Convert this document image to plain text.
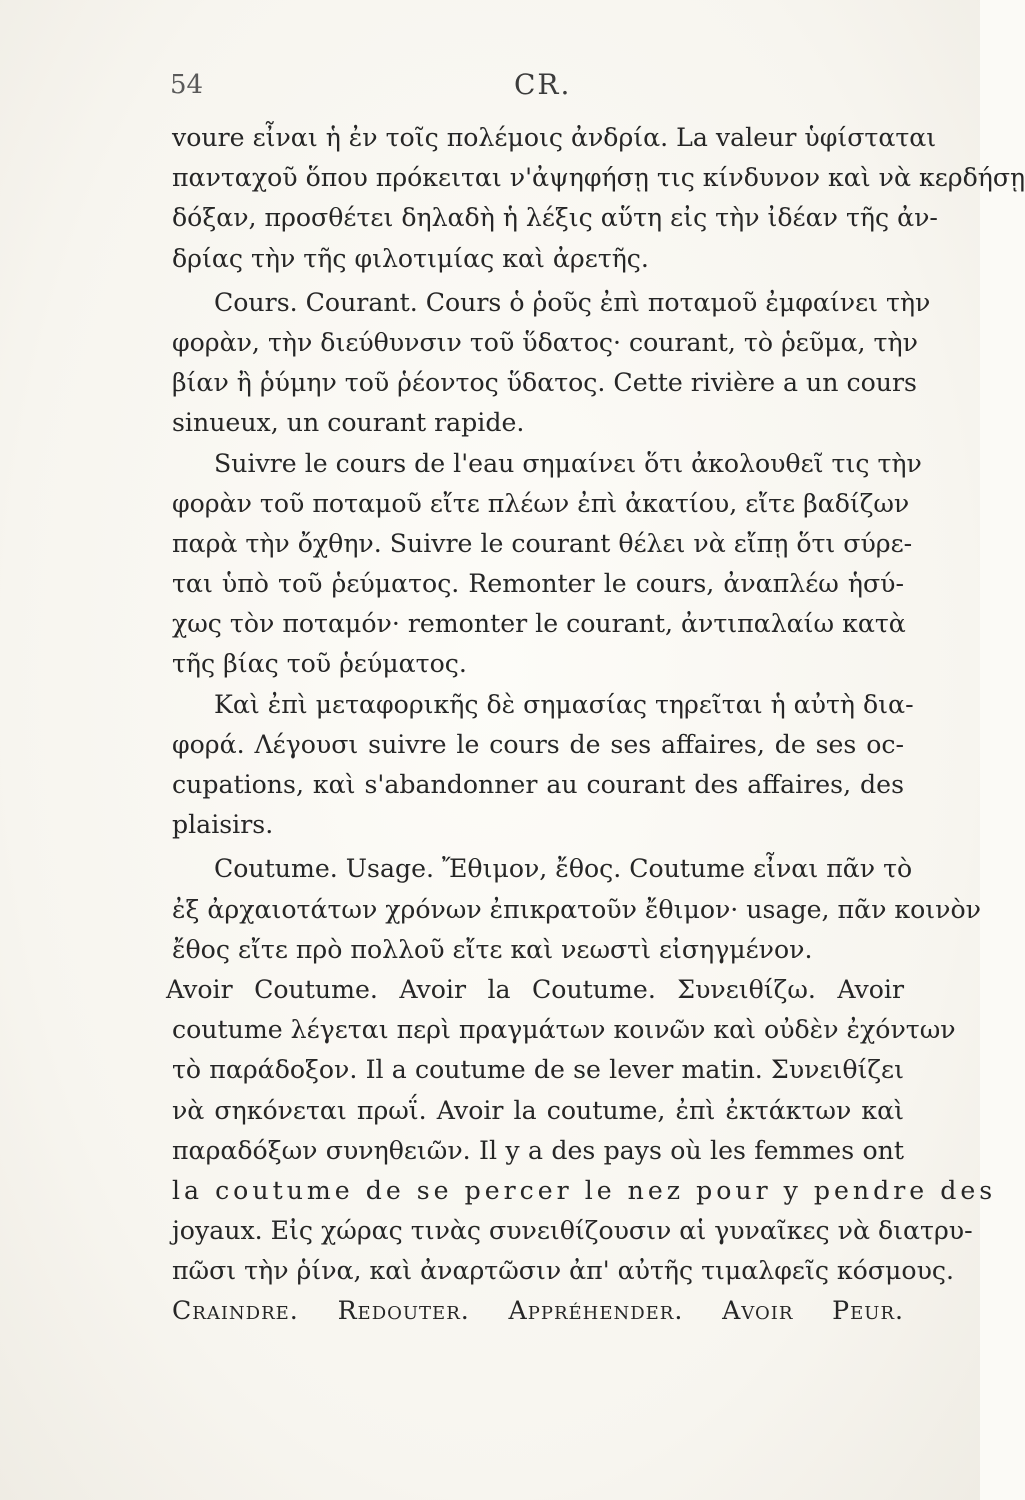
54	CR.
voure εἶναι ἡ ἐν τοῖς πολέμοις ἀνδρία. La valeur ὑφίσταται
πανταχοῦ ὅπου πρόκειται ν'ἀψηφήσῃ τις κίνδυνον καὶ νὰ κερδήσῃ
δόξαν, προσθέτει δηλαδὴ ἡ λέξις αὕτη εἰς τὴν ἰδέαν τῆς ἀν-
δρίας τὴν τῆς φιλοτιμίας καὶ ἀρετῆς.
Cours. Courant. Cours ὁ ῥοῦς ἐπὶ ποταμοῦ ἐμφαίνει τὴν
φορὰν, τὴν διεύθυνσιν τοῦ ὕδατος· courant, τὸ ῥεῦμα, τὴν
βίαν ἢ ῥύμην τοῦ ῥέοντος ὕδατος. Cette rivière a un cours
sinueux, un courant rapide.
Suivre le cours de l'eau σημαίνει ὅτι ἀκολουθεῖ τις τὴν
φορὰν τοῦ ποταμοῦ εἴτε πλέων ἐπὶ ἀκατίου, εἴτε βαδίζων
παρὰ τὴν ὄχθην. Suivre le courant θέλει νὰ εἴπῃ ὅτι σύρε-
ται ὑπὸ τοῦ ῥεύματος. Remonter le cours, ἀναπλέω ἡσύ-
χως τὸν ποταμόν· remonter le courant, ἀντιπαλαίω κατὰ
τῆς βίας τοῦ ῥεύματος.
Καὶ ἐπὶ μεταφορικῆς δὲ σημασίας τηρεῖται ἡ αὐτὴ δια-
φορά. Λέγουσι suivre le cours de ses affaires, de ses oc-
cupations, καὶ s'abandonner au courant des affaires, des
plaisirs.
Coutume. Usage. Ἔθιμον, ἔθος. Coutume εἶναι πᾶν τὸ
ἐξ ἀρχαιοτάτων χρόνων ἐπικρατοῦν ἔθιμον· usage, πᾶν κοινὸν
ἔθος εἴτε πρὸ πολλοῦ εἴτε καὶ νεωστὶ εἰσηγμένον.
Avoir Coutume. Avoir la Coutume. Συνειθίζω. Avoir
coutume λέγεται περὶ πραγμάτων κοινῶν καὶ οὐδὲν ἐχόντων
τὸ παράδοξον. Il a coutume de se lever matin. Συνειθίζει
νὰ σηκόνεται πρωΐ. Avoir la coutume, ἐπὶ ἐκτάκτων καὶ
παραδόξων συνηθειῶν. Il y a des pays où les femmes ont
la coutume de se percer le nez pour y pendre des
joyaux. Εἰς χώρας τινὰς συνειθίζουσιν αἱ γυναῖκες νὰ διατρυ-
πῶσι τὴν ῥίνα, καὶ ἀναρτῶσιν ἀπ' αὐτῆς τιμαλφεῖς κόσμους.
Craindre. Redouter. Appréhender. Avoir Peur.
